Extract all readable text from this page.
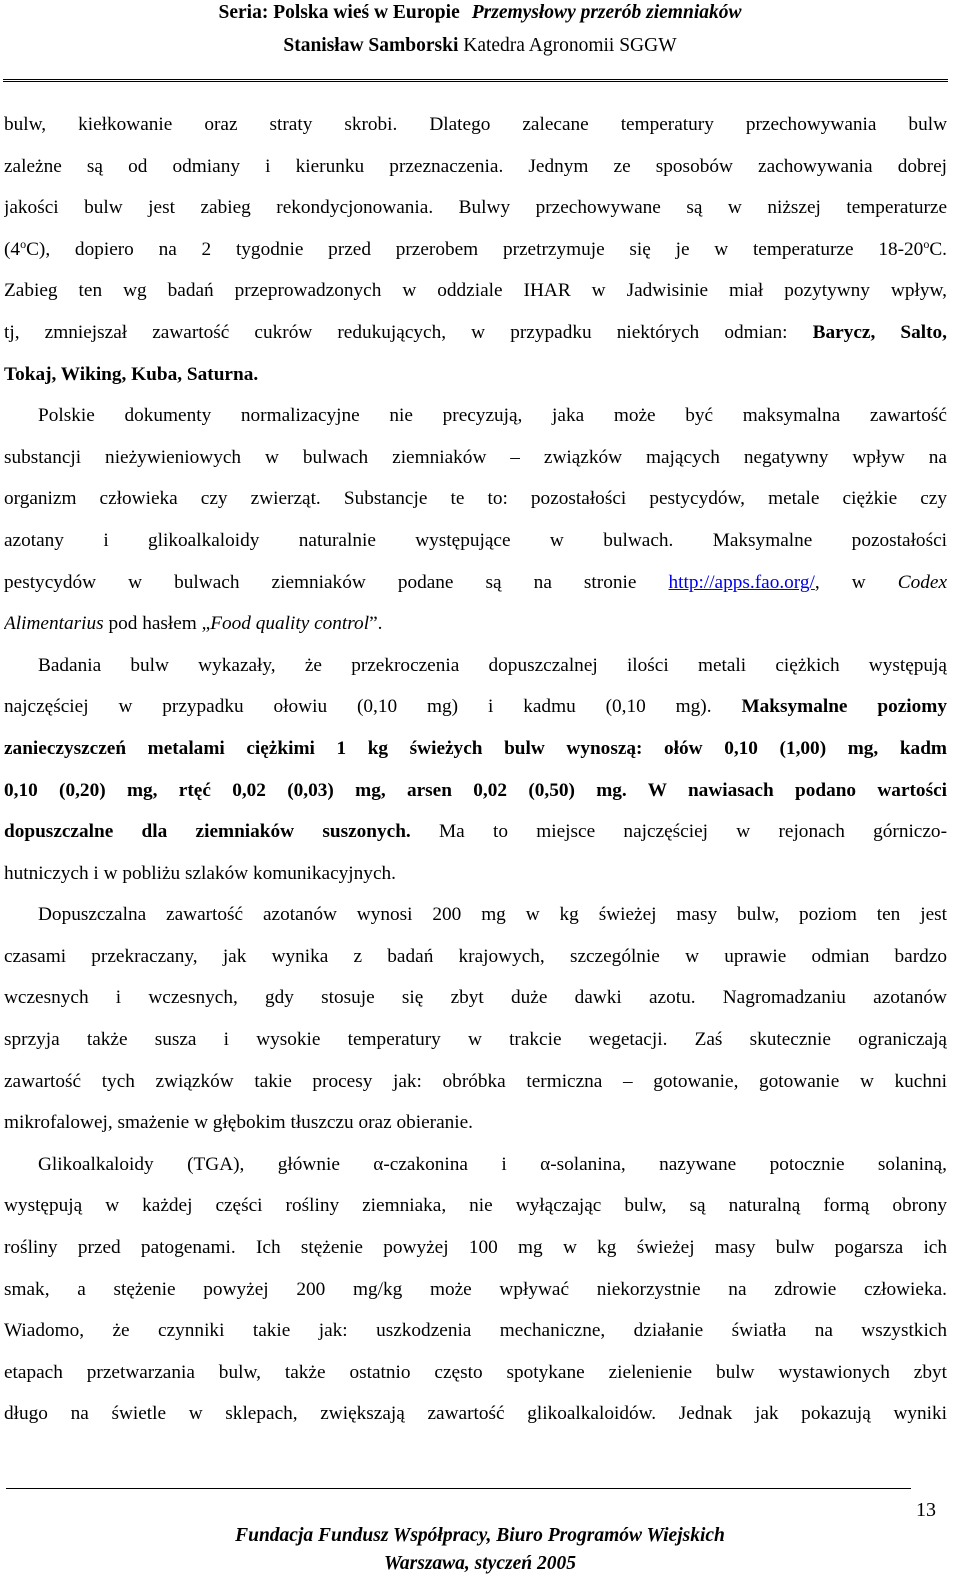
Seria: Polska wieś w Europie Przemysłowy przerób ziemniaków
Stanisław Samborski Katedra Agronomii SGGW
bulw, kiełkowanie oraz straty skrobi. Dlatego zalecane temperatury przechowywania bulw
zależne są od odmiany i kierunku przeznaczenia. Jednym ze sposobów zachowywania dobrej
jakości bulw jest zabieg rekondycjonowania. Bulwy przechowywane są w niższej temperaturze
(4$^o$C), dopiero na 2 tygodnie przed przerobem przetrzymuje się je w temperaturze 18-20$^o$C.
Zabieg ten wg badań przeprowadzonych w oddziale IHAR w Jadwisinie miał pozytywny wpływ,
tj, zmniejszał zawartość cukrów redukujących, w przypadku niektórych odmian: Barycz, Salto,
Tokaj, Wiking, Kuba, Saturna.
Polskie dokumenty normalizacyjne nie precyzują, jaka może być maksymalna zawartość
substancji nieżywieniowych w bulwach ziemniaków – związków mających negatywny wpływ na
organizm człowieka czy zwierząt. Substancje te to: pozostałości pestycydów, metale ciężkie czy
azotany i glikoalkaloidy naturalnie występujące w bulwach. Maksymalne pozostałości
pestycydów w bulwach ziemniaków podane są na stronie http://apps.fao.org/, w Codex
Alimentarius pod hasłem „Food quality control”.
Badania bulw wykazały, że przekroczenia dopuszczalnej ilości metali ciężkich występują
najczęściej w przypadku ołowiu (0,10 mg) i kadmu (0,10 mg). Maksymalne poziomy
zanieczyszczeń metalami ciężkimi 1 kg świeżych bulw wynoszą: ołów 0,10 (1,00) mg, kadm
0,10 (0,20) mg, rtęć 0,02 (0,03) mg, arsen 0,02 (0,50) mg. W nawiasach podano wartości
dopuszczalne dla ziemniaków suszonych. Ma to miejsce najczęściej w rejonach górniczo-
hutniczych i w pobliżu szlaków komunikacyjnych.
Dopuszczalna zawartość azotanów wynosi 200 mg w kg świeżej masy bulw, poziom ten jest
czasami przekraczany, jak wynika z badań krajowych, szczególnie w uprawie odmian bardzo
wczesnych i wczesnych, gdy stosuje się zbyt duże dawki azotu. Nagromadzaniu azotanów
sprzyja także susza i wysokie temperatury w trakcie wegetacji. Zaś skutecznie ograniczają
zawartość tych związków takie procesy jak: obróbka termiczna – gotowanie, gotowanie w kuchni
mikrofalowej, smażenie w głębokim tłuszczu oraz obieranie.
Glikoalkaloidy (TGA), głównie α-czakonina i α-solanina, nazywane potocznie solaniną,
występują w każdej części rośliny ziemniaka, nie wyłączając bulw, są naturalną formą obrony
rośliny przed patogenami. Ich stężenie powyżej 100 mg w kg świeżej masy bulw pogarsza ich
smak, a stężenie powyżej 200 mg/kg może wpływać niekorzystnie na zdrowie człowieka.
Wiadomo, że czynniki takie jak: uszkodzenia mechaniczne, działanie światła na wszystkich
etapach przetwarzania bulw, także ostatnio często spotykane zielenienie bulw wystawionych zbyt
długo na świetle w sklepach, zwiększają zawartość glikoalkaloidów. Jednak jak pokazują wyniki
13
Fundacja Fundusz Współpracy, Biuro Programów Wiejskich
Warszawa, styczeń 2005
